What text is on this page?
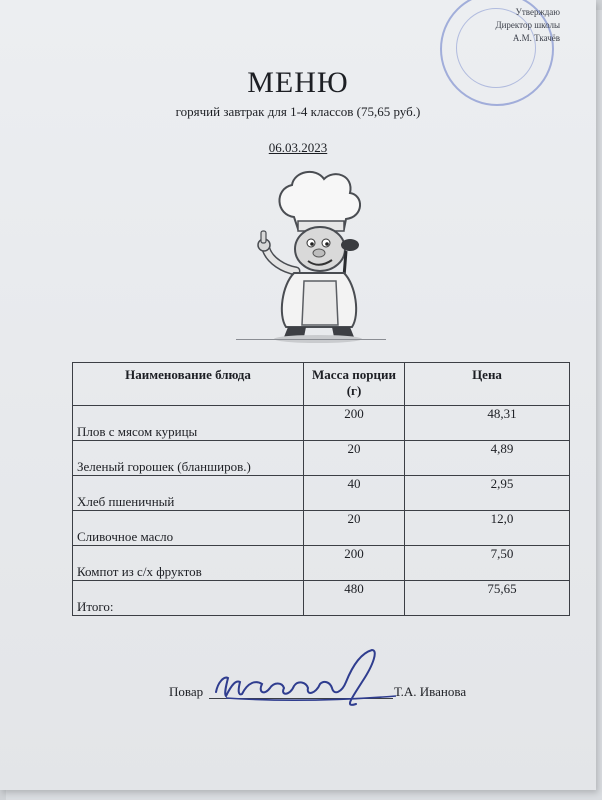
Утверждаю
Директор школы
А.М. Ткачёв
МЕНЮ
горячий завтрак для 1-4 классов (75,65 руб.)
06.03.2023
Наименование блюда	Масса порции (г)	Цена
Плов с мясом курицы	200	48,31
Зеленый горошек (бланширов.)	20	4,89
Хлеб пшеничный	40	2,95
Сливочное масло	20	12,0
Компот из с/х фруктов	200	7,50
Итого:	480	75,65
Повар	Т.А. Иванова
